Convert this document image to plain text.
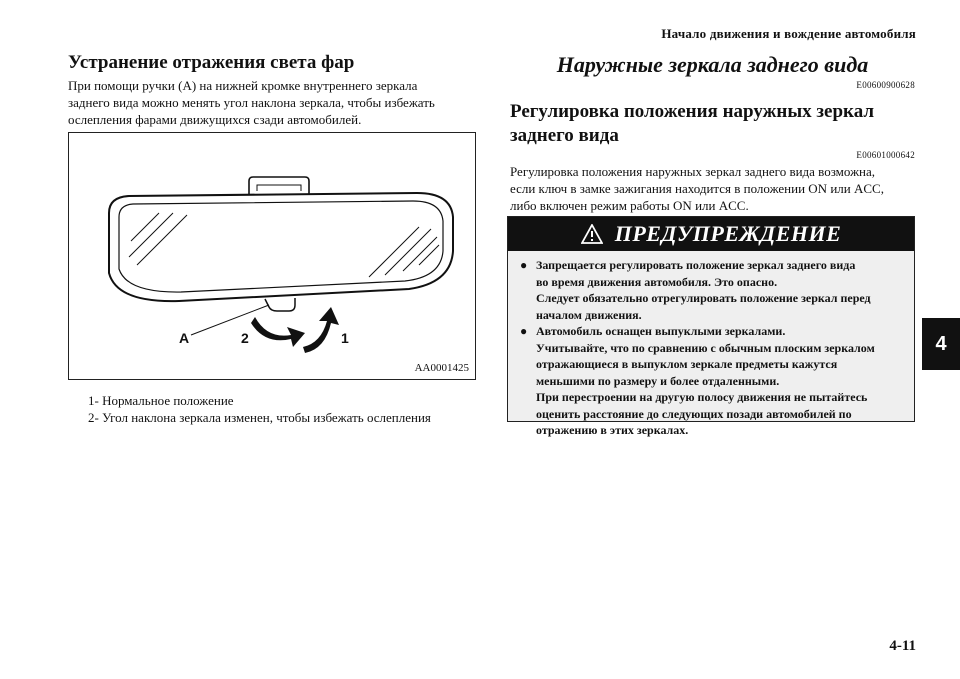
Начало движения и вождение автомобиля
4
4-11
Устранение отражения света фар
При помощи ручки (A) на нижней кромке внутреннего зеркала
заднего вида можно менять угол наклона зеркала, чтобы избежать
ослепления фарами движущихся сзади автомобилей.
A	2	1
AA0001425
1- Нормальное положение
2- Угол наклона зеркала изменен, чтобы избежать ослепления
Наружные зеркала заднего вида
E00600900628
Регулировка положения наружных зеркал
заднего вида
E00601000642
Регулировка положения наружных зеркал заднего вида возможна,
если ключ в замке зажигания находится в положении ON или ACC,
либо включен режим работы ON или ACC.
ПРЕДУПРЕЖДЕНИЕ
● Запрещается регулировать положение зеркал заднего вида

во время движения автомобиля. Это опасно.

Следует обязательно отрегулировать положение зеркал перед

началом движения.

● Автомобиль оснащен выпуклыми зеркалами.

Учитывайте, что по сравнению с обычным плоским зеркалом

отражающиеся в выпуклом зеркале предметы кажутся

меньшими по размеру и более отдаленными.

При перестроении на другую полосу движения не пытайтесь

оценить расстояние до следующих позади автомобилей по

отражению в этих зеркалах.
